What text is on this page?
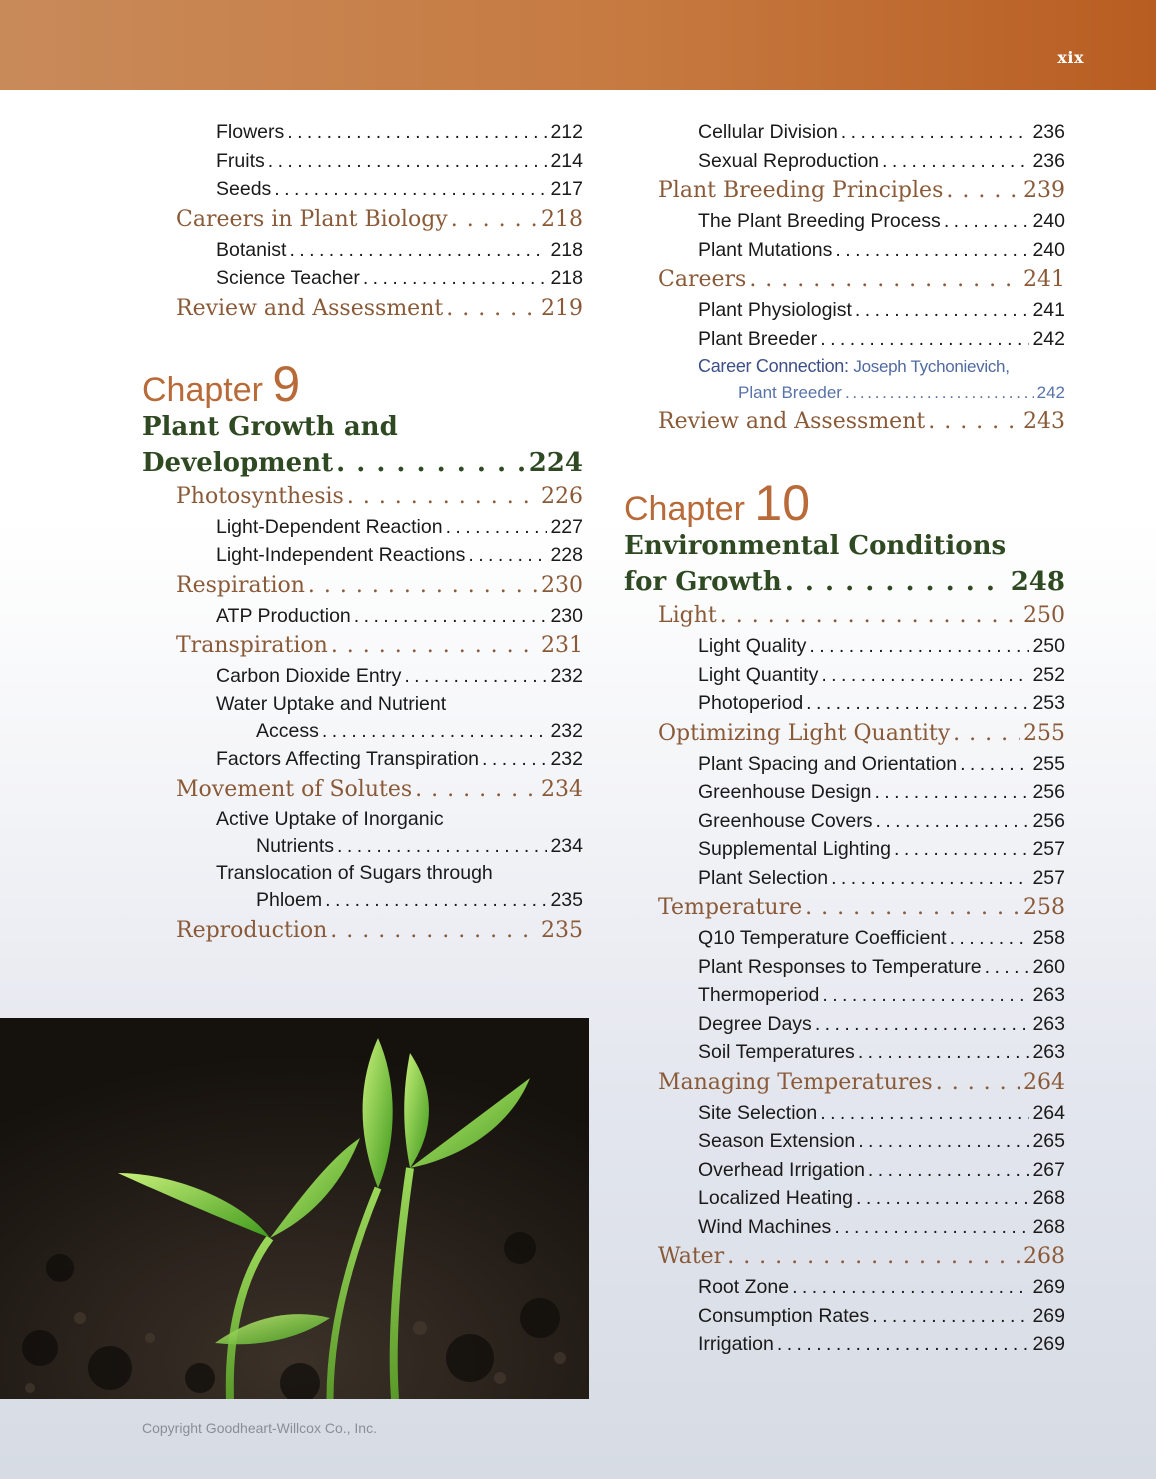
xix
Flowers . . .	212
Fruits . . .	214
Seeds . . .	217
Careers in Plant Biology . . .	218
Botanist . . .	218
Science Teacher . . .	218
Review and Assessment . . .	219
Chapter 9
Plant Growth and
Development . . .	224
Photosynthesis . . .	226
Light-Dependent Reaction . . .	227
Light-Independent Reactions . . .	228
Respiration . . .	230
ATP Production . . .	230
Transpiration . . .	231
Carbon Dioxide Entry . . .	232
Water Uptake and Nutrient
Access . . .	232
Factors Affecting Transpiration . . .	232
Movement of Solutes . . .	234
Active Uptake of Inorganic
Nutrients . . .	234
Translocation of Sugars through
Phloem . . .	235
Reproduction . . .	235
Cellular Division . . .	236
Sexual Reproduction . . .	236
Plant Breeding Principles . . .	239
The Plant Breeding Process . . .	240
Plant Mutations . . .	240
Careers . . .	241
Plant Physiologist . . .	241
Plant Breeder . . .	242
Career Connection: Joseph Tychonievich,
Plant Breeder . . .	242
Review and Assessment . . .	243
Chapter 10
Environmental Conditions
for Growth . . .	248
Light . . .	250
Light Quality . . .	250
Light Quantity . . .	252
Photoperiod . . .	253
Optimizing Light Quantity . . .	255
Plant Spacing and Orientation . . .	255
Greenhouse Design . . .	256
Greenhouse Covers . . .	256
Supplemental Lighting . . .	257
Plant Selection . . .	257
Temperature . . .	258
Q10 Temperature Coefficient . . .	258
Plant Responses to Temperature . . .	260
Thermoperiod . . .	263
Degree Days . . .	263
Soil Temperatures . . .	263
Managing Temperatures . . .	264
Site Selection . . .	264
Season Extension . . .	265
Overhead Irrigation . . .	267
Localized Heating . . .	268
Wind Machines . . .	268
Water . . .	268
Root Zone . . .	269
Consumption Rates . . .	269
Irrigation . . .	269
Copyright Goodheart-Willcox Co., Inc.
